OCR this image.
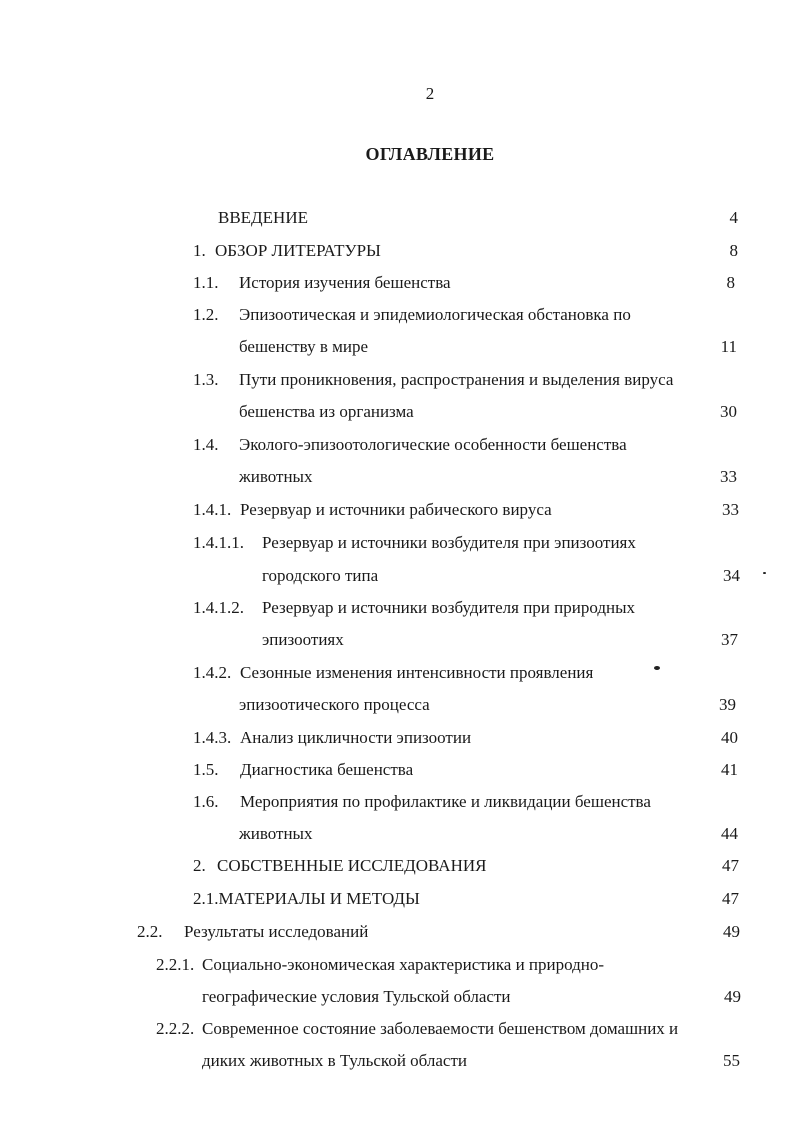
2
ОГЛАВЛЕНИЕ
ВВЕДЕНИЕ	4
1. ОБЗОР ЛИТЕРАТУРЫ	8
1.1. История изучения бешенства	8
1.2. Эпизоотическая и эпидемиологическая обстановка по
бешенству в мире	11
1.3. Пути проникновения, распространения и выделения вируса
бешенства из организма	30
1.4. Эколого-эпизоотологические особенности бешенства
животных	33
1.4.1. Резервуар и источники рабического вируса	33
1.4.1.1. Резервуар и источники возбудителя при эпизоотиях
городского типа	34
1.4.1.2. Резервуар и источники возбудителя при природных
эпизоотиях	37
1.4.2. Сезонные изменения интенсивности проявления
эпизоотического процесса	39
1.4.3. Анализ цикличности эпизоотии	40
1.5. Диагностика бешенства	41
1.6. Мероприятия по профилактике и ликвидации бешенства
животных	44
2. СОБСТВЕННЫЕ ИССЛЕДОВАНИЯ	47
2.1.МАТЕРИАЛЫ И МЕТОДЫ	47
2.2. Результаты исследований	49
2.2.1. Социально-экономическая характеристика и природно-
географические условия Тульской области	49
2.2.2. Современное состояние заболеваемости бешенством домашних и
диких животных в Тульской области	55
